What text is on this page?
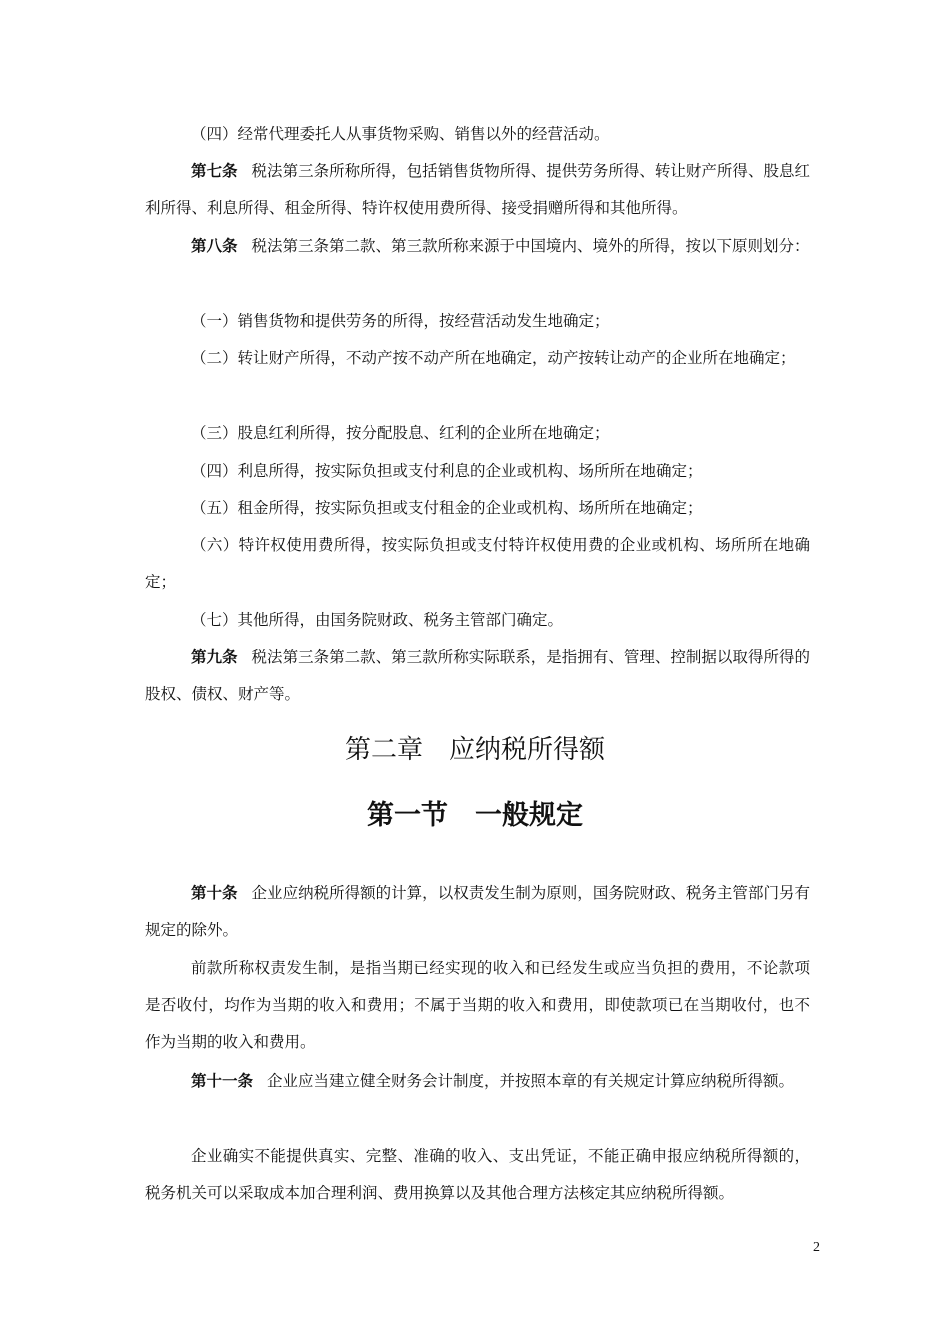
（四）经常代理委托人从事货物采购、销售以外的经营活动。
第七条 税法第三条所称所得，包括销售货物所得、提供劳务所得、转让财产所得、股息红利所得、利息所得、租金所得、特许权使用费所得、接受捐赠所得和其他所得。
第八条 税法第三条第二款、第三款所称来源于中国境内、境外的所得，按以下原则划分：
（一）销售货物和提供劳务的所得，按经营活动发生地确定；
（二）转让财产所得，不动产按不动产所在地确定，动产按转让动产的企业所在地确定；
（三）股息红利所得，按分配股息、红利的企业所在地确定；
（四）利息所得，按实际负担或支付利息的企业或机构、场所所在地确定；
（五）租金所得，按实际负担或支付租金的企业或机构、场所所在地确定；
（六）特许权使用费所得，按实际负担或支付特许权使用费的企业或机构、场所所在地确定；
（七）其他所得，由国务院财政、税务主管部门确定。
第九条 税法第三条第二款、第三款所称实际联系，是指拥有、管理、控制据以取得所得的股权、债权、财产等。
第二章　应纳税所得额
第一节　一般规定
第十条 企业应纳税所得额的计算，以权责发生制为原则，国务院财政、税务主管部门另有规定的除外。
前款所称权责发生制，是指当期已经实现的收入和已经发生或应当负担的费用，不论款项是否收付，均作为当期的收入和费用；不属于当期的收入和费用，即使款项已在当期收付，也不作为当期的收入和费用。
第十一条 企业应当建立健全财务会计制度，并按照本章的有关规定计算应纳税所得额。
企业确实不能提供真实、完整、准确的收入、支出凭证，不能正确申报应纳税所得额的，税务机关可以采取成本加合理利润、费用换算以及其他合理方法核定其应纳税所得额。
2
